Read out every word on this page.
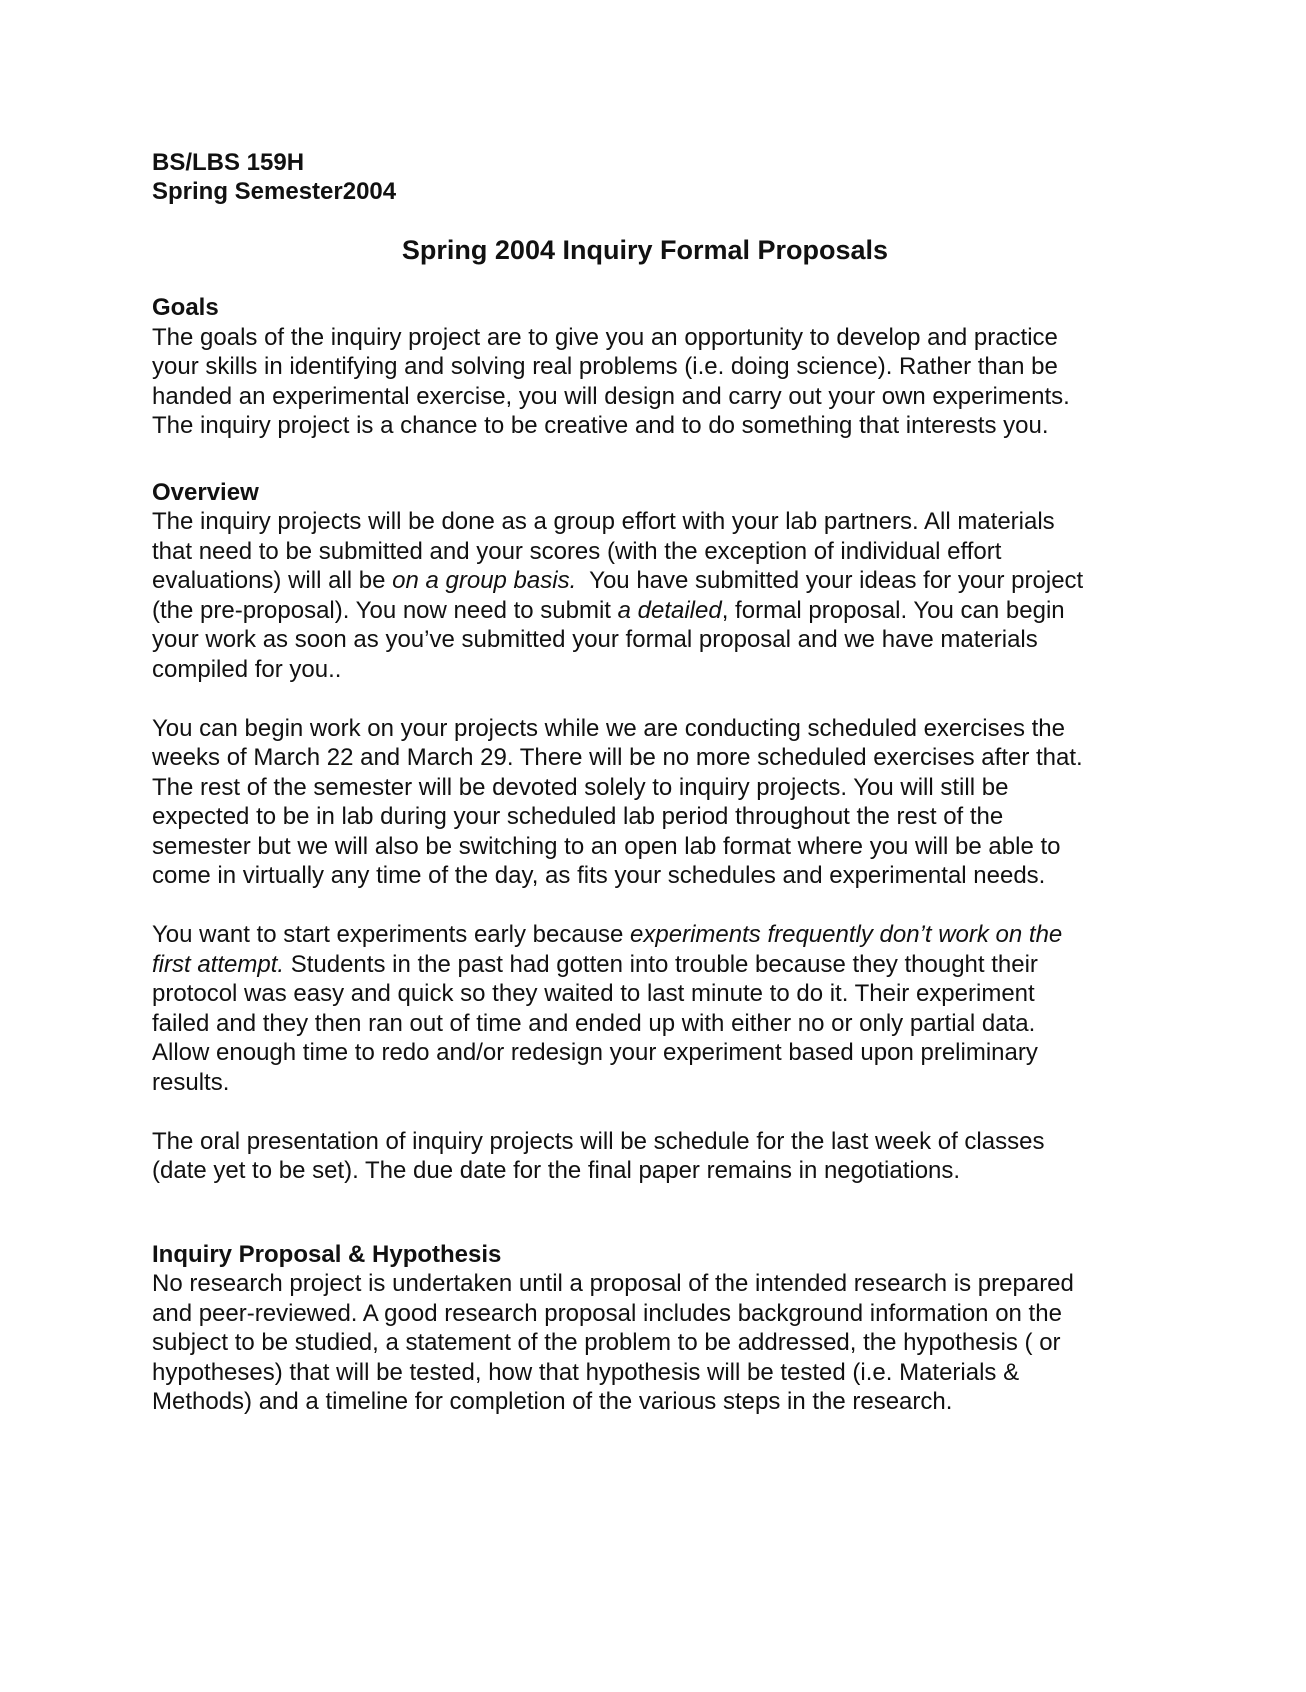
BS/LBS 159H
Spring Semester2004
Spring 2004 Inquiry Formal Proposals
Goals

The goals of the inquiry project are to give you an opportunity to develop and practice
your skills in identifying and solving real problems (i.e. doing science). Rather than be
handed an experimental exercise, you will design and carry out your own experiments.
The inquiry project is a chance to be creative and to do something that interests you.

Overview

The inquiry projects will be done as a group effort with your lab partners. All materials
that need to be submitted and your scores (with the exception of individual effort
evaluations) will all be on a group basis.  You have submitted your ideas for your project
(the pre-proposal). You now need to submit a detailed, formal proposal. You can begin
your work as soon as you’ve submitted your formal proposal and we have materials
compiled for you..

You can begin work on your projects while we are conducting scheduled exercises the
weeks of March 22 and March 29. There will be no more scheduled exercises after that.
The rest of the semester will be devoted solely to inquiry projects. You will still be
expected to be in lab during your scheduled lab period throughout the rest of the
semester but we will also be switching to an open lab format where you will be able to
come in virtually any time of the day, as fits your schedules and experimental needs.

You want to start experiments early because experiments frequently don’t work on the
first attempt. Students in the past had gotten into trouble because they thought their
protocol was easy and quick so they waited to last minute to do it. Their experiment
failed and they then ran out of time and ended up with either no or only partial data.
Allow enough time to redo and/or redesign your experiment based upon preliminary
results.

The oral presentation of inquiry projects will be schedule for the last week of classes
(date yet to be set). The due date for the final paper remains in negotiations.

Inquiry Proposal & Hypothesis

No research project is undertaken until a proposal of the intended research is prepared
and peer-reviewed. A good research proposal includes background information on the
subject to be studied, a statement of the problem to be addressed, the hypothesis ( or
hypotheses) that will be tested, how that hypothesis will be tested (i.e. Materials &
Methods) and a timeline for completion of the various steps in the research.
